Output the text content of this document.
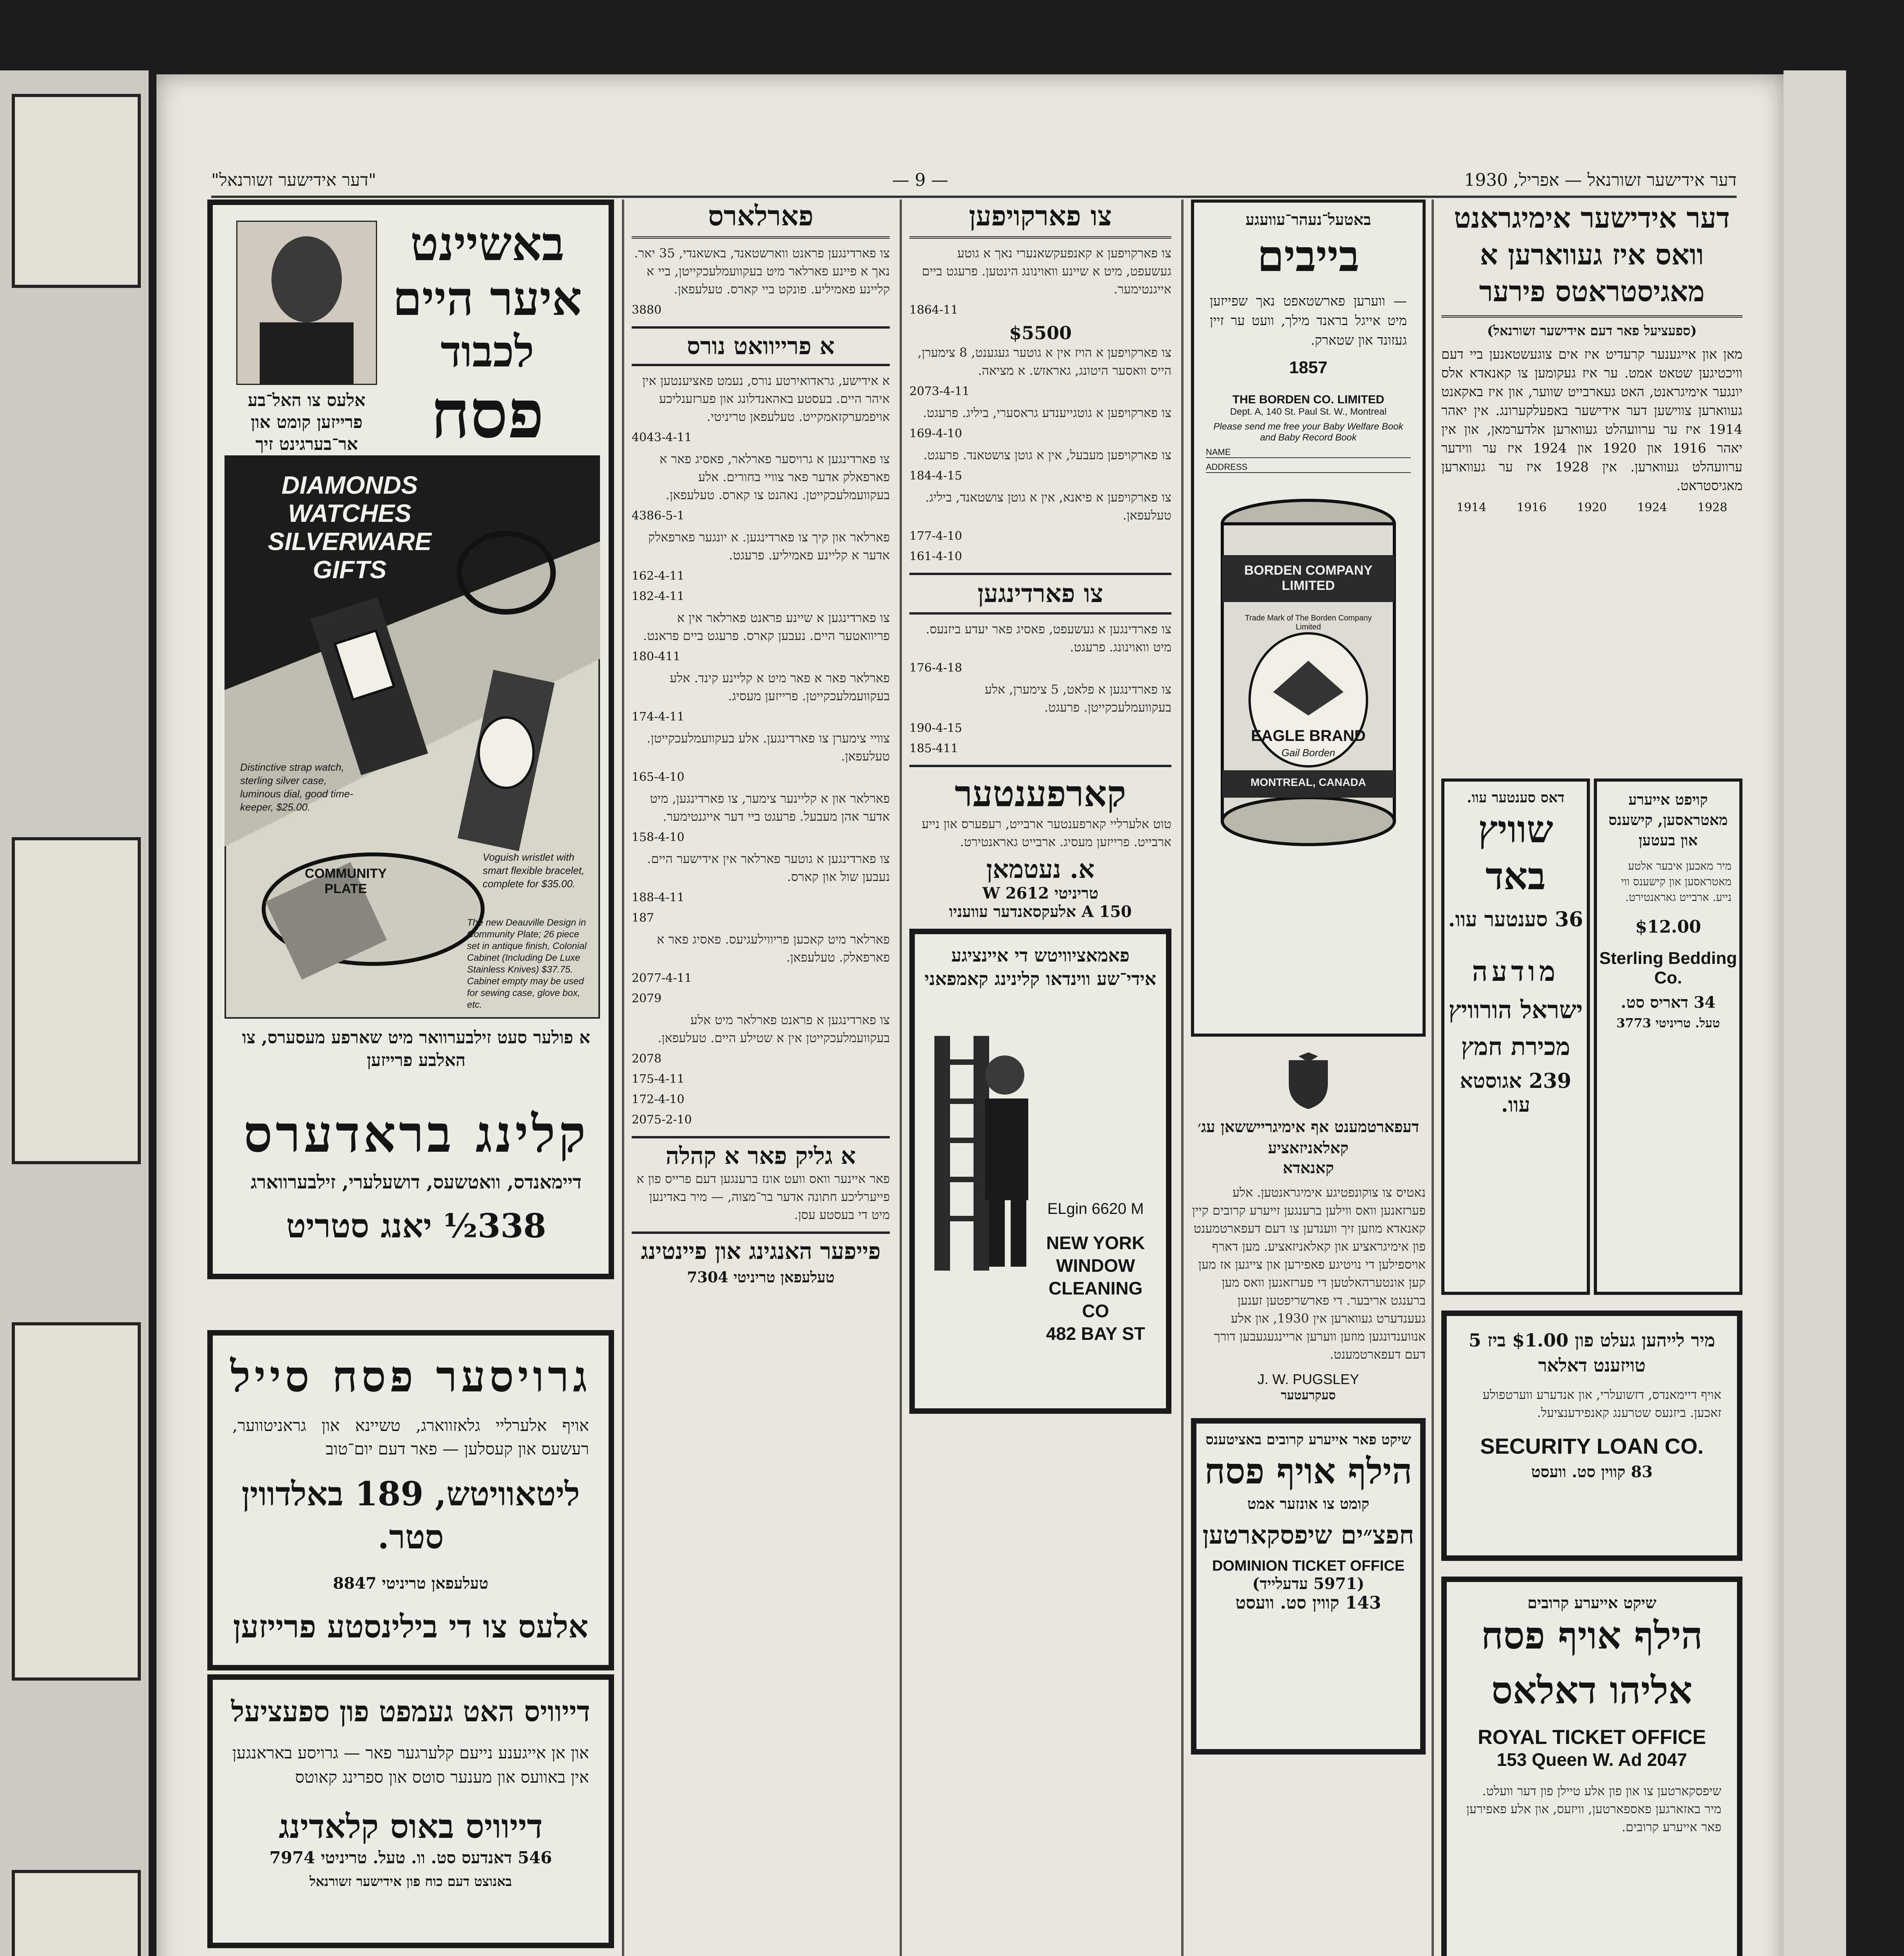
"דער אידישער זשורנאל"	— 9 —	1930 ,דער אידישער זשורנאל — אפריל
באשיינט
איער היים
לכבוד
פסח
אלעס צו האל־בע פרייזען קומט און אר־בערגינט זיך
DIAMONDS WATCHES SILVERWARE GIFTS
Distinctive strap watch, sterling silver case, luminous dial, good time-keeper, $25.00.
Voguish wristlet with smart flexible bracelet, complete for $35.00.
COMMUNITY PLATE
The new Deauville Design in Community Plate; 26 piece set in antique finish, Colonial Cabinet (Including De Luxe Stainless Knives) $37.75. Cabinet empty may be used for sewing case, glove box, etc.
א פולער סעט זילבערוואר מיט שארפע מעסערס, צו האלבע פרייזען
קלינג בראדערס
דיימאנדס, וואטשעס, דושעלערי, זילבערווארג
338½ יאנג סטריט
גרויסער פסח סייל
אויף אלערליי גלאזווארג, טשיינא און גראניטווער, רעשעס און קעסלען — פאר דעם יום־טוב
ליטאוויטש, 189 באלדווין סטר.
טעלעפאן טריניטי 8847
אלעס צו די בילינסטע פרייזען
דייוויס האט געמפט פון ספעציעל
און אן אייגענע נייעם קלערגער פאר — גרויסע באראנגען אין באוועס און מענער סוטס און ספרינג קאוטס
דייוויס באוס קלאדינג
546 דאנדעס סט. וו. טעל. טריניטי 7974
באנוצט דעם כוח פון אידישער זשורנאל
פארלארס
צו פארדינגען פראנט ווארשטאנד, באשאנדי, 35 יאר. נאך א פיינע פארלאר מיט בעקוועמלעכקייטן, ביי א קליינע פאמיליע. פונקט ביי קארס. טעלעפאן.
3880
א פרייוואט נורס
א אידישע, גראדואירטע נורס, נעמט פאציענטען אין איהר היים. בעסטע באהאנדלונג און פערזענליכע אויפמערקזאמקייט. טעלעפאן טריניטי.
4043-4-11
צו פארדינגען א גרויסער פארלאר, פאסיג פאר א פארפאלק אדער פאר צוויי בחורים. אלע בעקוועמלעכקייטן. נאהנט צו קארס. טעלעפאן.
4386-5-1
פארלאר און קיך צו פארדינגען. א יונגער פארפאלק אדער א קליינע פאמיליע. פרעגט.
162-4-11
182-4-11
צו פארדינגען א שיינע פראנט פארלאר אין א פריוואטער היים. נעבען קארס. פרעגט ביים פראנט.
180-411
פארלאר פאר א פאר מיט א קליינע קינד. אלע בעקוועמלעכקייטן. פרייזען מעסיג.
174-4-11
צוויי צימערן צו פארדינגען. אלע בעקוועמלעכקייטן. טעלעפאן.
165-4-10
פארלאר און א קליינער צימער, צו פארדינגען, מיט אדער אהן מעבעל. פרעגט ביי דער אייגנטימער.
158-4-10
צו פארדינגען א גוטער פארלאר אין אידישער היים. נעבען שול און קארס.
188-4-11
187
פארלאר מיט קאכען פריווילעגיעס. פאסיג פאר א פארפאלק. טעלעפאן.
2077-4-11
2079
צו פארדינגען א פראנט פארלאר מיט אלע בעקוועמלעכקייטן אין א שטילע היים. טעלעפאן.
2078
175-4-11
172-4-10
2075-2-10
א גליק פאר א קהלה
פאר איינער וואס וועט אונז ברענגען דעם פרייס פון א פייערליכע חתונה אדער בר־מצוה, — מיר באדינען מיט די בעסטע עסן.
פייפער האנגינג און פיינטינג
טעלעפאן טריניטי 7304
צו פארקויפען
צו פארקויפען א קאנפעקשאנערי נאך א גוטע געשעפט, מיט א שיינע וואוינונג הינטען. פרעגט ביים אייגנטימער.
1864-11
$5500
צו פארקויפען א הויז אין א גוטער געגענט, 8 צימערן, הייס וואסער היטונג, גאראזש. א מציאה.
2073-4-11
צו פארקויפען א גוטגייענדע גראסערי, ביליג. פרעגט.
169-4-10
צו פארקויפען מעבעל, אין א גוטן צושטאנד. פרעגט.
184-4-15
צו פארקויפען א פיאנא, אין א גוטן צושטאנד, ביליג. טעלעפאן.
177-4-10
161-4-10
צו פארדינגען
צו פארדינגען א געשעפט, פאסיג פאר יעדע ביזנעס. מיט וואוינונג. פרעגט.
176-4-18
צו פארדינגען א פלאט, 5 צימערן, אלע בעקוועמלעכקייטן. פרעגט.
190-4-15
185-411
קארפענטער
טוט אלערליי קארפענטער ארבייט, רעפערס און נייע ארבייט. פרייזען מעסיג. ארבייט גאראנטירט.
א. נעטמאן
טריניטי 2612 W
150 A אלעקסאנדער עוועניו
פאמאציוויטש די איינציגע אידי־שע ווינדאו קלינינג קאמפאני
NEW YORK
WINDOW
CLEANING CO
482 BAY ST
ELgin 6620 M
באטעל־נעהר־עוועגע
בייבים
— ווערען פארשטאפט נאך שפייזען מיט אייגל בראנד מילך, וועט ער זיין געזונד און שטארק.
1857
THE BORDEN CO. LIMITED
Dept. A, 140 St. Paul St. W., Montreal
Please send me free your Baby Welfare Book and Baby Record Book
NAME
ADDRESS
BORDEN COMPANY LIMITED
Trade Mark of The Borden Company Limited
EAGLE BRAND
Gail Borden
MONTREAL, CANADA
דעפארטמענט אף אימיגרייששאן עג׳ קאלאניזאציע
קאנאדא
נאטיס צו צוקונפטיגע אימיגראנטען. אלע פערזאנען וואס ווילען ברענגען זייערע קרובים קיין קאנאדא מוזען זיך ווענדען צו דעם דעפארטמענט פון אימיגראציע און קאלאניזאציע. מען דארף אויספילען די נויטיגע פאפירען און צייגען אז מען קען אונטערהאלטען די פערזאנען וואס מען ברענגט אריבער. די פארשריפטען זענען געענדערט געווארען אין 1930, און אלע אנווענדונגען מוזען ווערען אריינגעגעבען דורך דעם דעפארטמענט.
J. W. PUGSLEY
סעקרעטער
שיקט פאר אייערע קרובים באציטענס
הילף אויף פסח
קומט צו אונזער אמט
חפצ״ים שיפסקארטען
DOMINION TICKET OFFICE
(5971 עדעלייד)
143 קווין סט. וועסט
דער אידישער אימיגראנט וואס איז געווארען א מאגיסטראטס פירער
(ספעציעל פאר דעם אידישער זשורנאל)
מאן און אייגענער קרעדיט איז אים צוגעשטאנען ביי דעם וויכטיגען שטאט אמט. ער איז געקומען צו קאנאדא אלס יונגער אימיגראנט, האט געארבייט שווער, און איז באקאנט געווארען צווישען דער אידישער באפעלקערונג. אין יאהר 1914 איז ער ערוועהלט געווארען אלדערמאן, און אין יאהר 1916 און 1920 און 1924 איז ער ווידער ערוועהלט געווארען. אין 1928 איז ער געווארען מאגיסטראט.
1914	1916	1920	1924	1928
דאס סענטער עוו.
שוויץ באד
36 סענטער עוו.
מודעה
ישראל הורוויץ
מכירת חמץ
239 אגוסטא עוו.
קויפט אייערע מאטראסען, קישענס און בעטען
מיר מאכען איבער אלטע מאטראסען און קישענס ווי נייע. ארבייט גאראנטירט.
$12.00
Sterling Bedding Co.
34 דאריס סט.
טעל. טריניטי 3773
מיר לייהען געלט פון $1.00 ביז 5 טויזענט דאלאר
אויף דיימאנדס, דזשועלרי, און אנדערע ווערטפולע זאכען. ביזנעס שטרענג קאנפידענציעל.
SECURITY LOAN CO.
83 קווין סט. וועסט
שיקט אייערע קרובים
הילף אויף פסח
אליהו דאלאס
ROYAL TICKET OFFICE
153 Queen W. Ad 2047
שיפסקארטען צו און פון אלע טיילן פון דער וועלט. מיר באזארגען פאספארטען, וויזעס, און אלע פאפירען פאר אייערע קרובים.
